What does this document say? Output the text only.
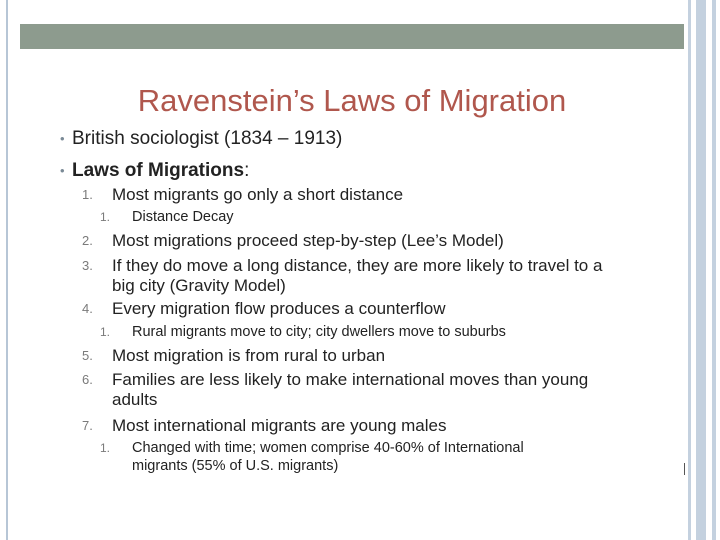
Ravenstein’s Laws of Migration
• British sociologist (1834 – 1913)
• Laws of Migrations:
1. Most migrants go only a short distance
1. Distance Decay
2. Most migrations proceed step-by-step (Lee’s Model)
3. If they do move a long distance, they are more likely to travel to a
big city (Gravity Model)
4. Every migration flow produces a counterflow
1. Rural migrants move to city; city dwellers move to suburbs
5. Most migration is from rural to urban
6. Families are less likely to make international moves than young
adults
7. Most international migrants are young males
1. Changed with time; women comprise 40-60% of International
migrants (55% of U.S. migrants)
